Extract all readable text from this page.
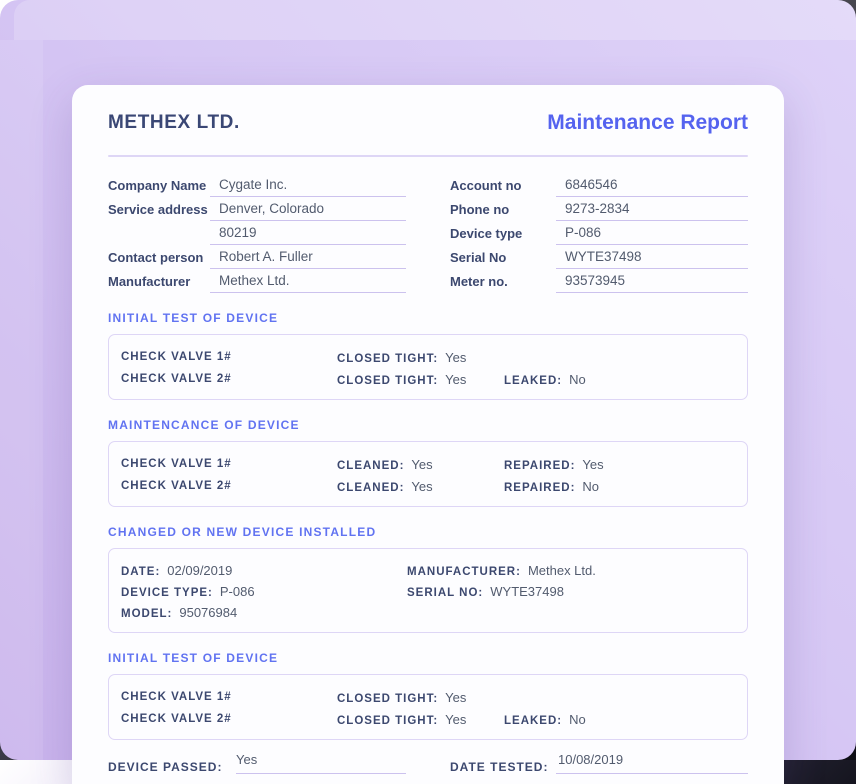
METHEX LTD.	Maintenance Report
Company Name Cygate Inc.
Service address Denver, Colorado
80219
Contact person	Robert A. Fuller
Manufacturer	Methex Ltd.
Account no	6846546
Phone no	9273-2834
Device type	P-086
Serial No	WYTE37498
Meter no.	93573945
INITIAL TEST OF DEVICE
CHECK VALVE 1#	CLOSED TIGHT: Yes
CHECK VALVE 2#	CLOSED TIGHT: Yes	LEAKED: No
MAINTENCANCE OF DEVICE
CHECK VALVE 1#	CLEANED: Yes	REPAIRED: Yes
CHECK VALVE 2#	CLEANED: Yes	REPAIRED: No
CHANGED OR NEW DEVICE INSTALLED
DATE: 02/09/2019	MANUFACTURER: Methex Ltd.
DEVICE TYPE: P-086	SERIAL NO: WYTE37498
MODEL: 95076984
INITIAL TEST OF DEVICE
CHECK VALVE 1#	CLOSED TIGHT: Yes
CHECK VALVE 2#	CLOSED TIGHT: Yes	LEAKED: No
DEVICE PASSED:	Yes	DATE TESTED: 10/08/2019
